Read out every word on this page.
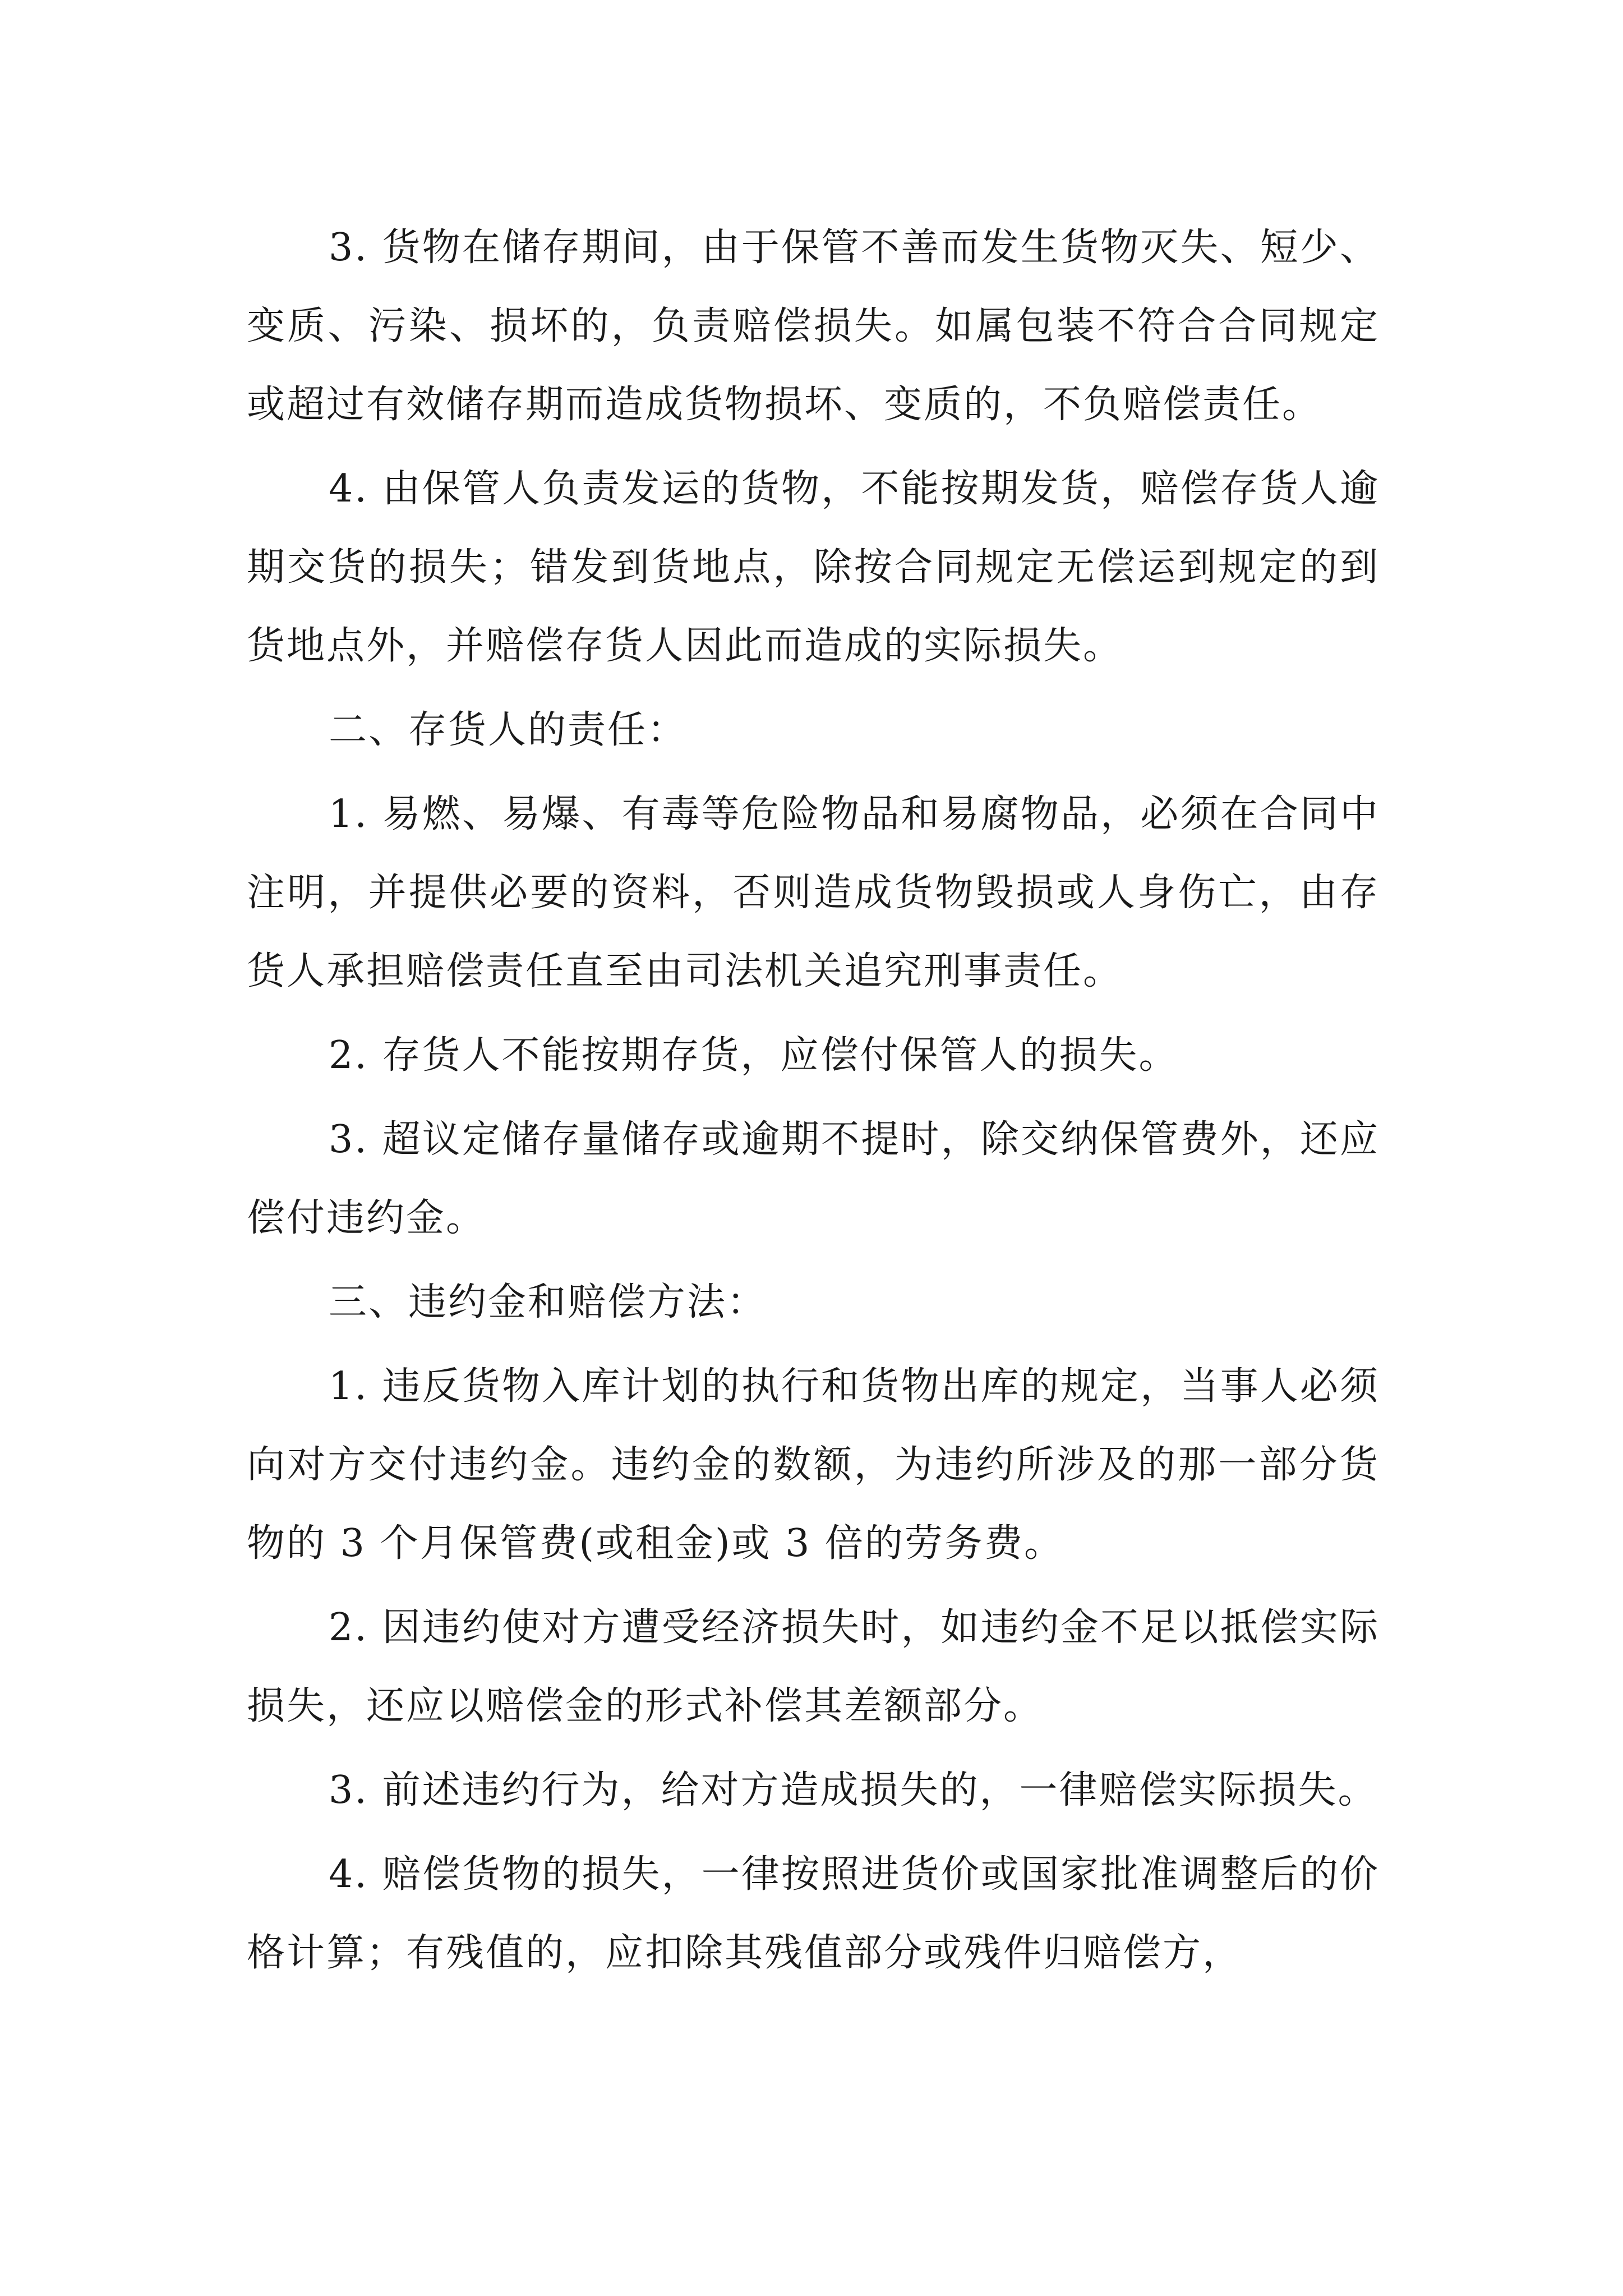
3. 货物在储存期间，由于保管不善而发生货物灭失、短少、变质、污染、损坏的，负责赔偿损失。如属包装不符合合同规定或超过有效储存期而造成货物损坏、变质的，不负赔偿责任。

4. 由保管人负责发运的货物，不能按期发货，赔偿存货人逾期交货的损失；错发到货地点，除按合同规定无偿运到规定的到货地点外，并赔偿存货人因此而造成的实际损失。

二、存货人的责任：

1. 易燃、易爆、有毒等危险物品和易腐物品，必须在合同中注明，并提供必要的资料，否则造成货物毁损或人身伤亡，由存货人承担赔偿责任直至由司法机关追究刑事责任。

2. 存货人不能按期存货，应偿付保管人的损失。

3. 超议定储存量储存或逾期不提时，除交纳保管费外，还应偿付违约金。

三、违约金和赔偿方法：

1. 违反货物入库计划的执行和货物出库的规定，当事人必须向对方交付违约金。违约金的数额，为违约所涉及的那一部分货物的 3 个月保管费(或租金)或 3 倍的劳务费。

2. 因违约使对方遭受经济损失时，如违约金不足以抵偿实际损失，还应以赔偿金的形式补偿其差额部分。

3. 前述违约行为，给对方造成损失的，一律赔偿实际损失。

4. 赔偿货物的损失，一律按照进货价或国家批准调整后的价格计算；有残值的，应扣除其残值部分或残件归赔偿方，
